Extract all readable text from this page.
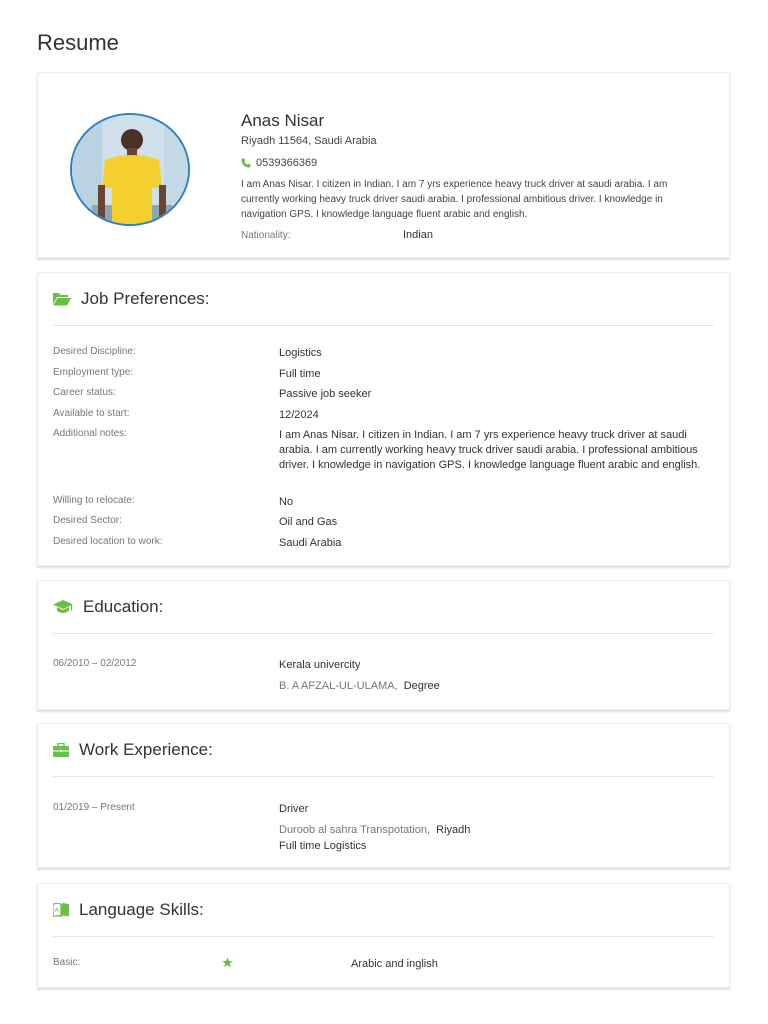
Resume
Anas Nisar
Riyadh 11564, Saudi Arabia
0539366369
I am Anas Nisar. I citizen in Indian. I am 7 yrs experience heavy truck driver at saudi arabia. I am currently working heavy truck driver saudi arabia. I professional ambitious driver. I knowledge in navigation GPS. I knowledge language fluent arabic and english.
Nationality:	Indian
Job Preferences:
Desired Discipline:	Logistics
Employment type:	Full time
Career status:	Passive job seeker
Available to start:	12/2024
Additional notes:	I am Anas Nisar. I citizen in Indian. I am 7 yrs experience heavy truck driver at saudi arabia. I am currently working heavy truck driver saudi arabia. I professional ambitious driver. I knowledge in navigation GPS. I knowledge language fluent arabic and english.
Willing to relocate:	No
Desired Sector:	Oil and Gas
Desired location to work:	Saudi Arabia
Education:
06/2010 – 02/2012	Kerala univercity
B. A AFZAL-UL-ULAMA, Degree
Work Experience:
01/2019 – Present	Driver
Duroob al sahra Transpotation, Riyadh
Full time Logistics
A Language Skills:
Basic:	Arabic and inglish
